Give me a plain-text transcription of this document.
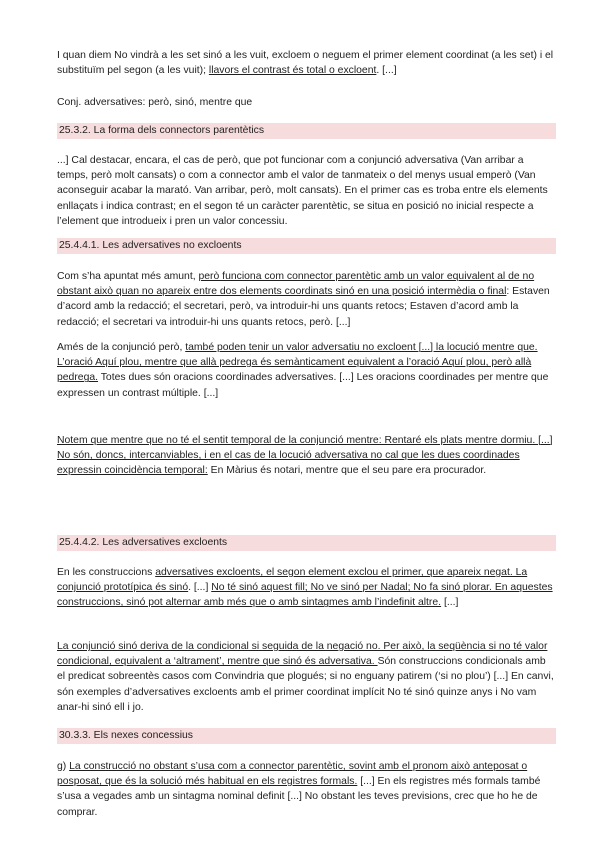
I quan diem No vindrà a les set sinó a les vuit, excloem o neguem el primer element coordinat (a les set) i el substituïm pel segon (a les vuit); llavors el contrast és total o excloent. [...]

Conj. adversatives: però, sinó, mentre que

25.3.2. La forma dels connectors parentètics

...] Cal destacar, encara, el cas de però, que pot funcionar com a conjunció adversativa (Van arribar a temps, però molt cansats) o com a connector amb el valor de tanmateix o del menys usual emperò (Van aconseguir acabar la marató. Van arribar, però, molt cansats). En el primer cas es troba entre els elements enllaçats i indica contrast; en el segon té un caràcter parentètic, se situa en posició no inicial respecte a l’element que introdueix i pren un valor concessiu.

25.4.4.1. Les adversatives no excloents

Com s’ha apuntat més amunt, però funciona com connector parentètic amb un valor equivalent al de no obstant això quan no apareix entre dos elements coordinats sinó en una posició intermèdia o final: Estaven d’acord amb la redacció; el secretari, però, va introduir-hi uns quants retocs; Estaven d’acord amb la redacció; el secretari va introduir-hi uns quants retocs, però. [...]

Amés de la conjunció però, també poden tenir un valor adversatiu no excloent [...] la locució mentre que. L’oració Aquí plou, mentre que allà pedrega és semànticament equivalent a l’oració Aquí plou, però allà pedrega. Totes dues són oracions coordinades adversatives. [...] Les oracions coordinades per mentre que expressen un contrast múltiple. [...]

Notem que mentre que no té el sentit temporal de la conjunció mentre: Rentaré els plats mentre dormiu. [...] No són, doncs, intercanviables, i en el cas de la locució adversativa no cal que les dues coordinades expressin coincidència temporal: En Màrius és notari, mentre que el seu pare era procurador.

25.4.4.2. Les adversatives excloents

En les construccions adversatives excloents, el segon element exclou el primer, que apareix negat. La conjunció prototípica és sinó. [...] No té sinó aquest fill; No ve sinó per Nadal; No fa sinó plorar. En aquestes construccions, sinó pot alternar amb més que o amb sintagmes amb l’indefinit altre. [...]

La conjunció sinó deriva de la condicional si seguida de la negació no. Per això, la seqüència si no té valor condicional, equivalent a ‘altrament’, mentre que sinó és adversativa. Són construccions condicionals amb el predicat sobreentès casos com Convindria que plogués; si no enguany patirem (‘si no plou’) [...] En canvi, són exemples d’adversatives excloents amb el primer coordinat implícit No té sinó quinze anys i No vam anar-hi sinó ell i jo.

30.3.3. Els nexes concessius

g) La construcció no obstant s’usa com a connector parentètic, sovint amb el pronom això anteposat o posposat, que és la solució més habitual en els registres formals. [...] En els registres més formals també s’usa a vegades amb un sintagma nominal definit [...] No obstant les teves previsions, crec que ho he de comprar.
